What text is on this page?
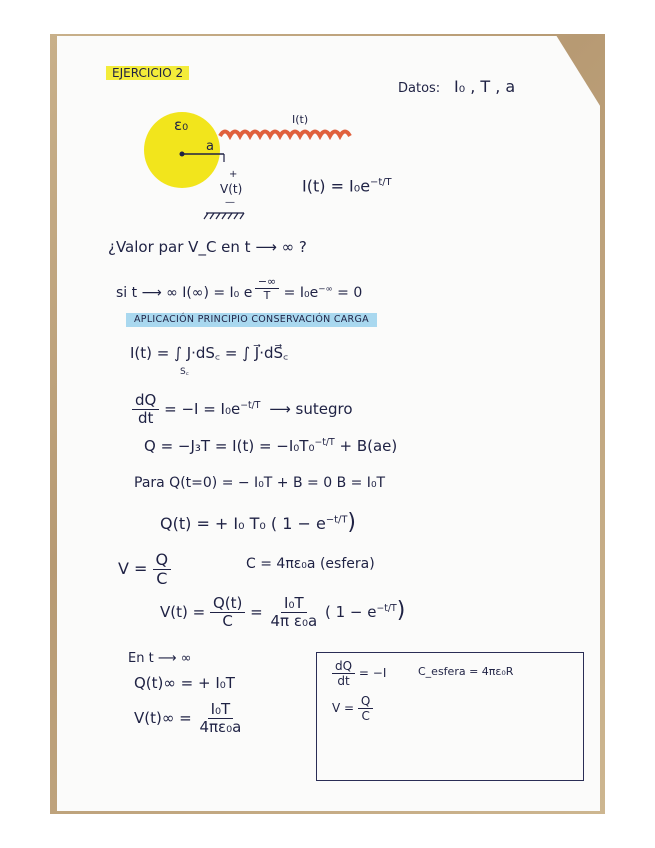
EJERCICIO 2
Datos: I₀ , T , a
ε₀
a
I(t)
+
V(t)
—
$I(t) = I_0e^{-t/T}$
¿Valor par V_C en t ⟶ ∞ ?
si t ⟶ ∞ I(∞) = I₀ e $\frac{-\infty}{T} = I_0e^{-\infty} = 0$
APLICACIÓN PRINCIPIO CONSERVACIÓN CARGA
I(t) = ∫ J·dS꜀ = ∫ J⃗·dS⃗꜀
S꜀
$\frac{dQ}{dt} = -I = I_0e^{-t/T}$ ⟶ sutegro
Q = −J₃T = I(t) = −I₀T₀$^{-t/T}$ + B(ae)
Para Q(t=0) = − I₀T + B = 0 B = I₀T
Q(t) = + I₀ T₀ ( $1 - e^{-t/T}$)
$V = \frac{Q}{C}$	C = 4πε₀a (esfera)
$V(t) = \frac{Q(t)}{C} = \frac{\text{I₀T}}{\text{4π ε₀a}}$ ( $1 - e^{-t/T}$)
En t ⟶ ∞
Q(t)∞ = + I₀T
$V(t)\infty = \frac{\text{I₀T}}{\text{4πε₀a}}$
$\frac{dQ}{dt} = -I$	C_esfera = 4πε₀R
$V = \frac{Q}{C}$
